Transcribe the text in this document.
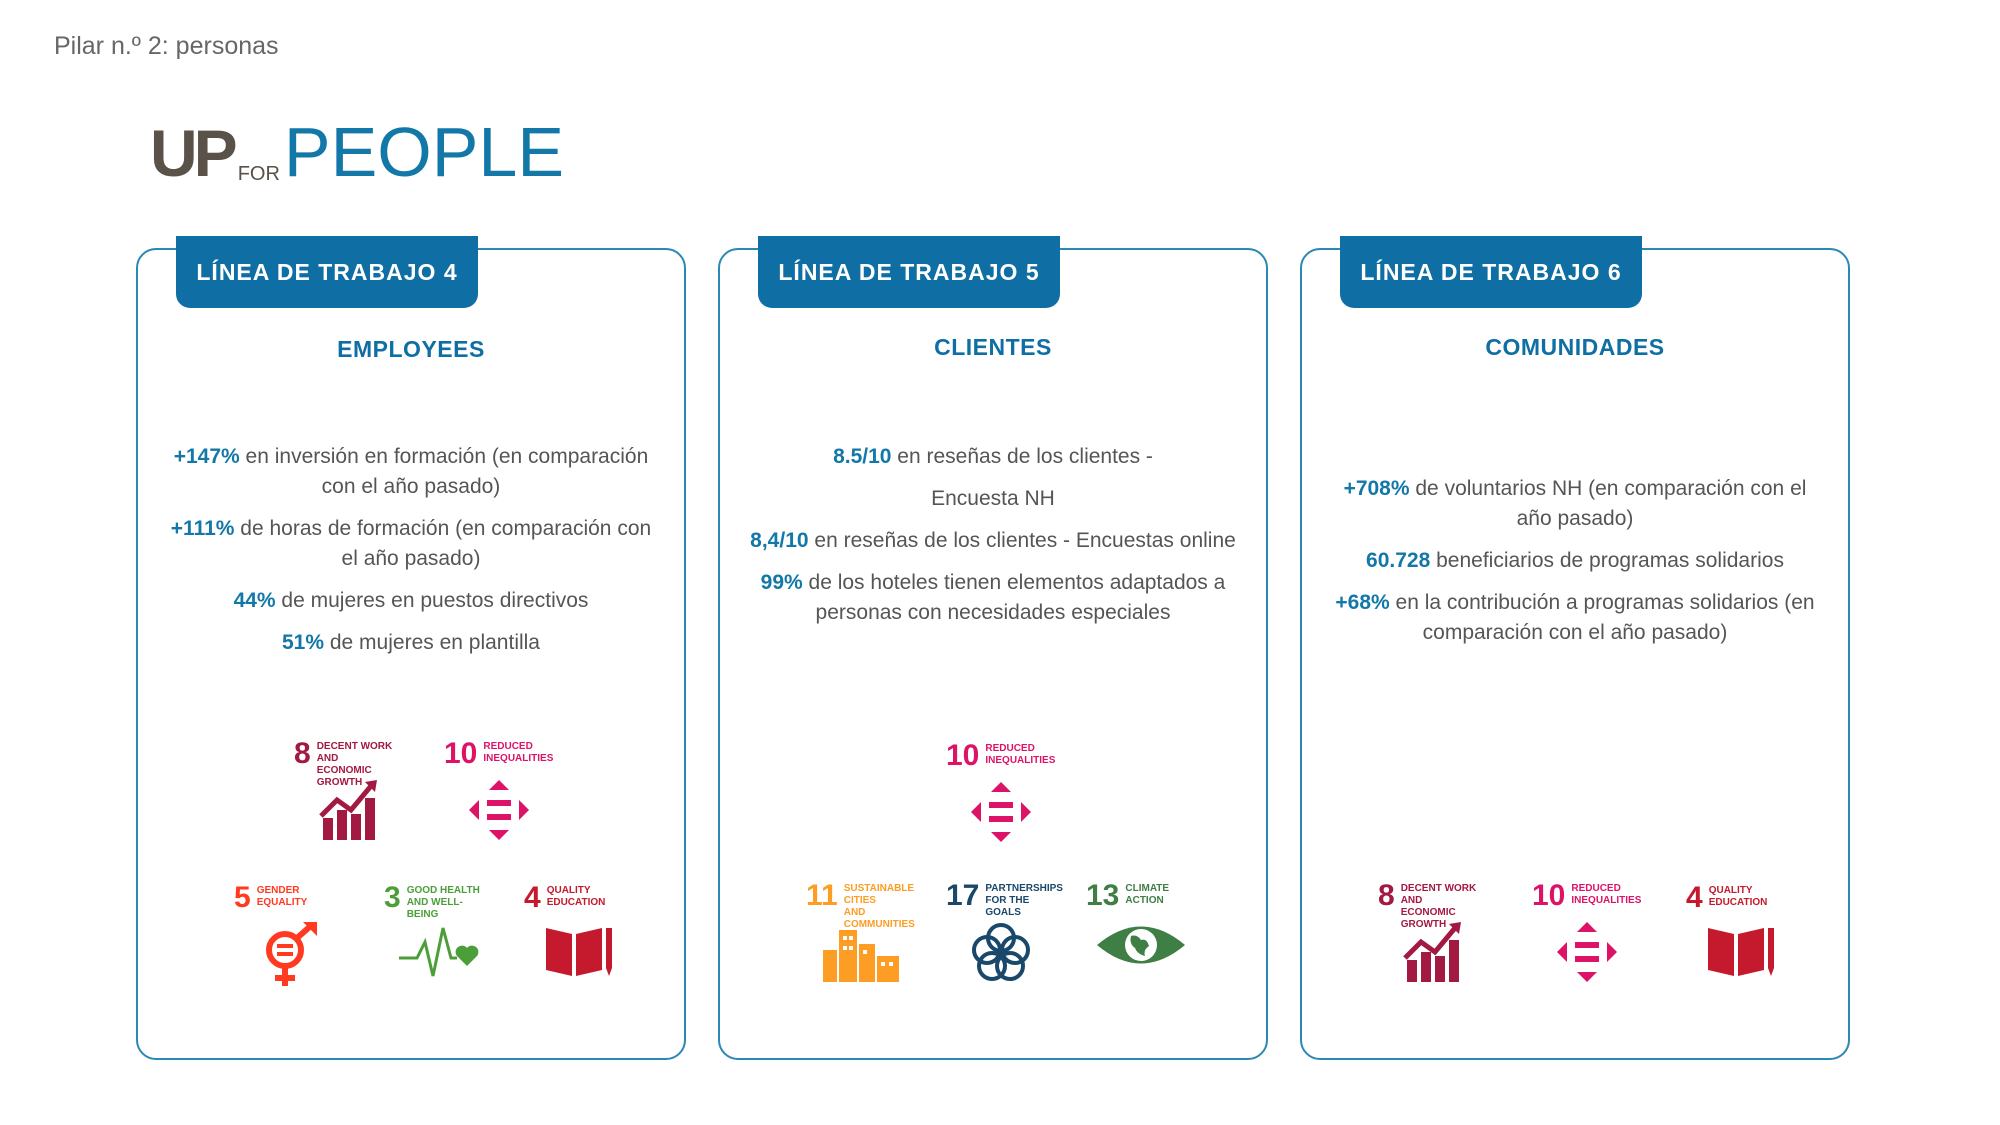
Pilar n.º 2: personas
UP FORPEOPLE
LÍNEA DE TRABAJO 4
EMPLOYEES
+147% en inversión en formación (en comparación con el año pasado)
+111% de horas de formación (en comparación con el año pasado)
44% de mujeres en puestos directivos
51% de mujeres en plantilla
8 DECENT WORK AND
ECONOMIC GROWTH
10 REDUCED
INEQUALITIES
5 GENDER
EQUALITY	3 GOOD HEALTH
AND WELL-BEING
4 QUALITY
EDUCATION
LÍNEA DE TRABAJO 5
CLIENTES
8.5/10 en reseñas de los clientes -
Encuesta NH
8,4/10 en reseñas de los clientes - Encuestas online
99% de los hoteles tienen elementos adaptados a personas con necesidades especiales
10 REDUCED
INEQUALITIES
11 SUSTAINABLE CITIES
AND COMMUNITIES
17 PARTNERSHIPS
FOR THE GOALS
13 CLIMATE
ACTION
LÍNEA DE TRABAJO 6
COMUNIDADES
+708% de voluntarios NH (en comparación con el año pasado)
60.728 beneficiarios de programas solidarios
+68% en la contribución a programas solidarios (en comparación con el año pasado)
8 DECENT WORK AND
ECONOMIC GROWTH
10 REDUCED
INEQUALITIES 4 QUALITY
EDUCATION
